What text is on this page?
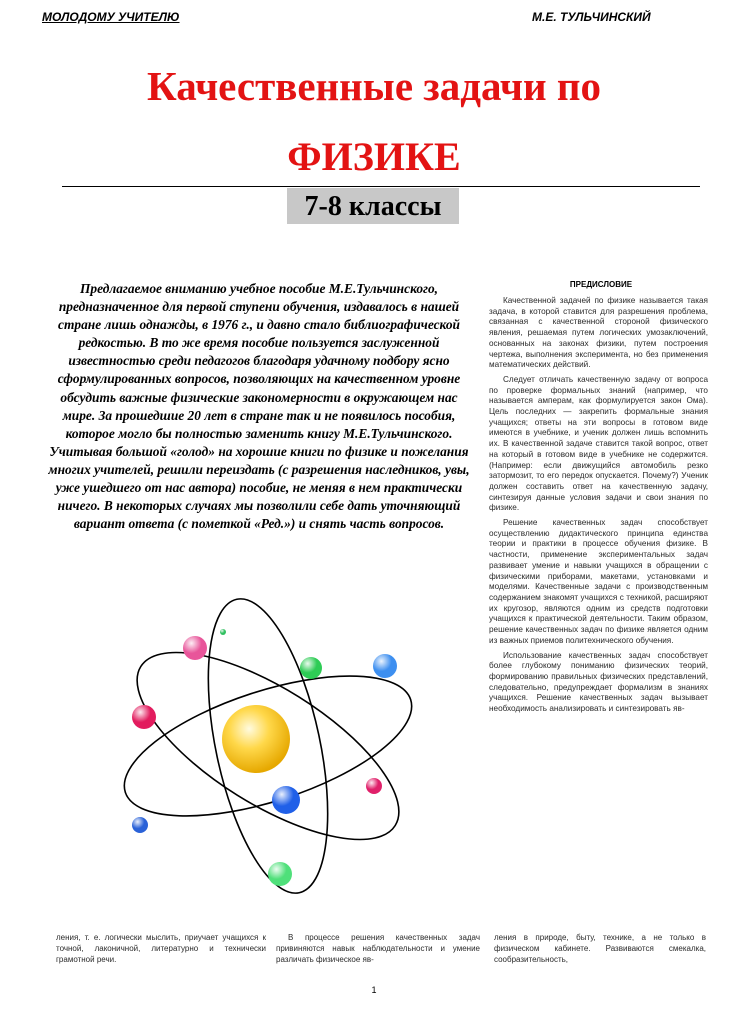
МОЛОДОМУ УЧИТЕЛЮ	М.Е. ТУЛЬЧИНСКИЙ
Качественные задачи по
ФИЗИКЕ
7-8 классы

Предлагаемое вниманию учебное пособие М.Е.Тульчинского, предназначенное для первой ступени обучения, издавалось в нашей стране лишь однажды, в 1976 г., и давно стало библиографической редкостью. В то же время пособие пользуется заслуженной известностью среди педагогов благодаря удачному подбору ясно сформулированных вопросов, позволяющих на качественном уровне обсудить важные физические закономерности в окружающем нас мире. За прошедшие 20 лет в стране так и не появилось пособия, которое могло бы полностью заменить книгу М.Е.Тульчинского. Учитывая большой «голод» на хорошие книги по физике и пожелания многих учителей, решили переиздать (с разрешения наследников, увы, уже ушедшего от нас автора) пособие, не меняя в нем практически ничего. В некоторых случаях мы позволили себе дать уточняющий вариант ответа (с пометкой «Ред.») и снять часть вопросов.

ПРЕДИСЛОВИЕ

Качественной задачей по физике называется такая задача, в которой ставится для разрешения проблема, связанная с качественной стороной физического явления, решаемая путем логических умозаключений, основанных на законах физики, путем построения чертежа, выполнения эксперимента, но без применения математических действий.

Следует отличать качественную задачу от вопроса по проверке формальных знаний (например, что называется амперам, как формулируется закон Ома). Цель последних — закрепить формальные знания учащихся; ответы на эти вопросы в готовом виде имеются в учебнике, и ученик должен лишь вспомнить их. В качественной задаче ставится такой вопрос, ответ на который в готовом виде в учебнике не содержится. (Например: если движущийся автомобиль резко затормозит, то его передок опускается. Почему?) Ученик должен составить ответ на качественную задачу, синтезируя данные условия задачи и свои знания по физике.

Решение качественных задач способствует осуществлению дидактического принципа единства теории и практики в процессе обучения физике. В частности, применение экспериментальных задач развивает умение и навыки учащихся в обращении с физическими приборами, макетами, установками и моделями. Качественные задачи с производственным содержанием знакомят учащихся с техникой, расширяют их кругозор, являются одним из средств подготовки учащихся к практической деятельности. Таким образом, решение качественных задач по физике является одним из важных приемов политехнического обучения.

Использование качественных задач способствует более глубокому пониманию физических теорий, формированию правильных физических представлений, следовательно, предупреждает формализм в знаниях учащихся. Решение качественных задач вызывает необходимость анализировать и синтезировать яв-

ления, т. е. логически мыслить, приучает учащихся к точной, лаконичной, литературно и технически грамотной речи.

В процессе решения качественных задач привиняются навык наблюдательности и умение различать физическое яв-

ления в природе, быту, технике, а не только в физическом кабинете. Развиваются смекалка, сообразительность,

1
